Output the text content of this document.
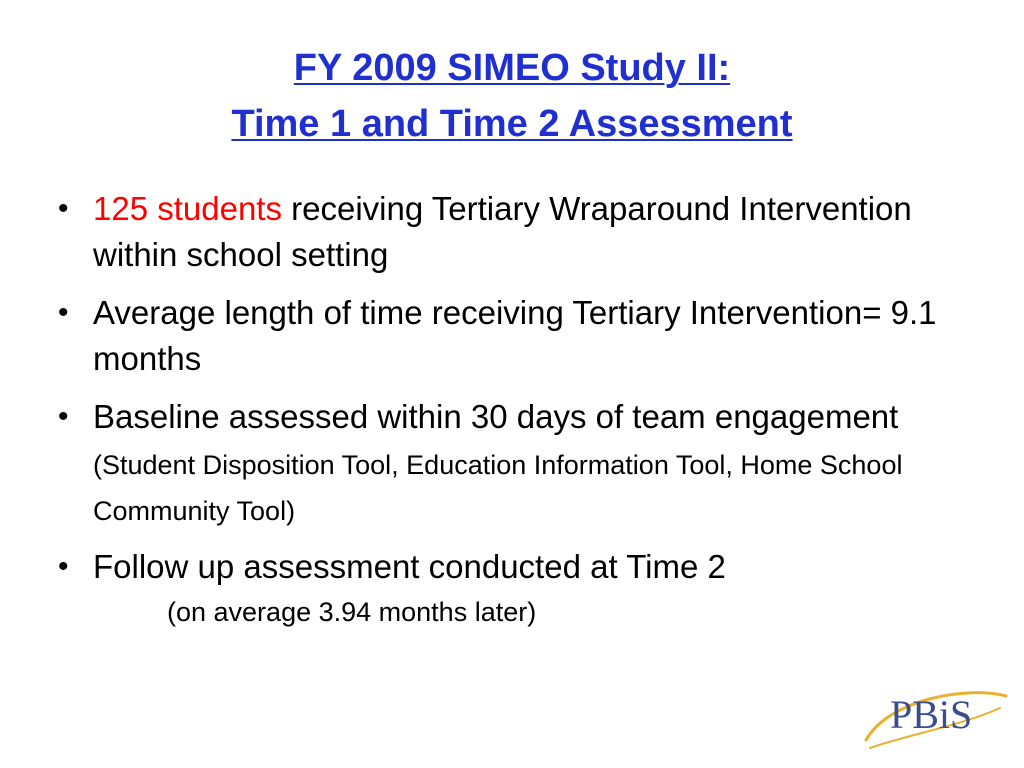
FY 2009 SIMEO Study II:
Time 1 and Time 2 Assessment
• 125 students receiving Tertiary Wraparound Intervention within school setting
• Average length of time receiving Tertiary Intervention= 9.1 months
• Baseline assessed within 30 days of team engagement (Student Disposition Tool, Education Information Tool, Home School Community Tool)
• Follow up assessment conducted at Time 2
(on average 3.94 months later)
PBiS
